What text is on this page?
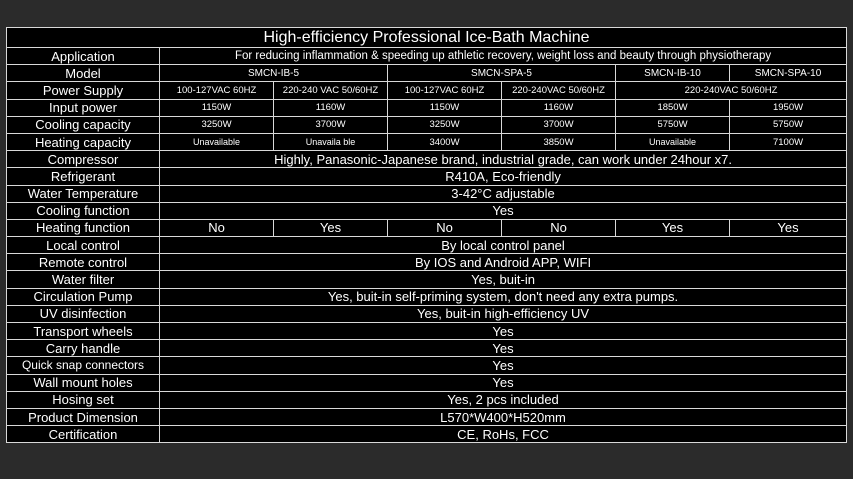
High-efficiency Professional Ice-Bath Machine						
Application	For reducing inflammation & speeding up athletic recovery, weight loss and beauty through physiotherapy					
Model	SMCN-IB-5		SMCN-SPA-5		SMCN-IB-10	SMCN-SPA-10
Power Supply	100-127VAC 60HZ	220-240 VAC 50/60HZ	100-127VAC 60HZ	220-240VAC 50/60HZ	220-240VAC 50/60HZ	
Input power	1150W	1160W	1150W	1160W	1850W	1950W
Cooling capacity	3250W	3700W	3250W	3700W	5750W	5750W
Heating capacity	Unavailable	Unavaila ble	3400W	3850W	Unavailable	7100W
Compressor	Highly, Panasonic-Japanese brand, industrial grade, can work under 24hour x7.					
Refrigerant	R410A, Eco-friendly					
Water Temperature	3-42°C adjustable					
Cooling function	Yes					
Heating function	No	Yes	No	No	Yes	Yes
Local control	By local control panel					
Remote control	By IOS and Android APP, WIFI					
Water filter	Yes, buit-in					
Circulation Pump	Yes, buit-in self-priming system, don't need any extra pumps.					
UV disinfection	Yes, buit-in high-efficiency UV					
Transport wheels	Yes					
Carry handle	Yes					
Quick snap connectors	Yes					
Wall mount holes	Yes					
Hosing set	Yes, 2 pcs included					
Product Dimension	L570*W400*H520mm					
Certification	CE, RoHs, FCC					
